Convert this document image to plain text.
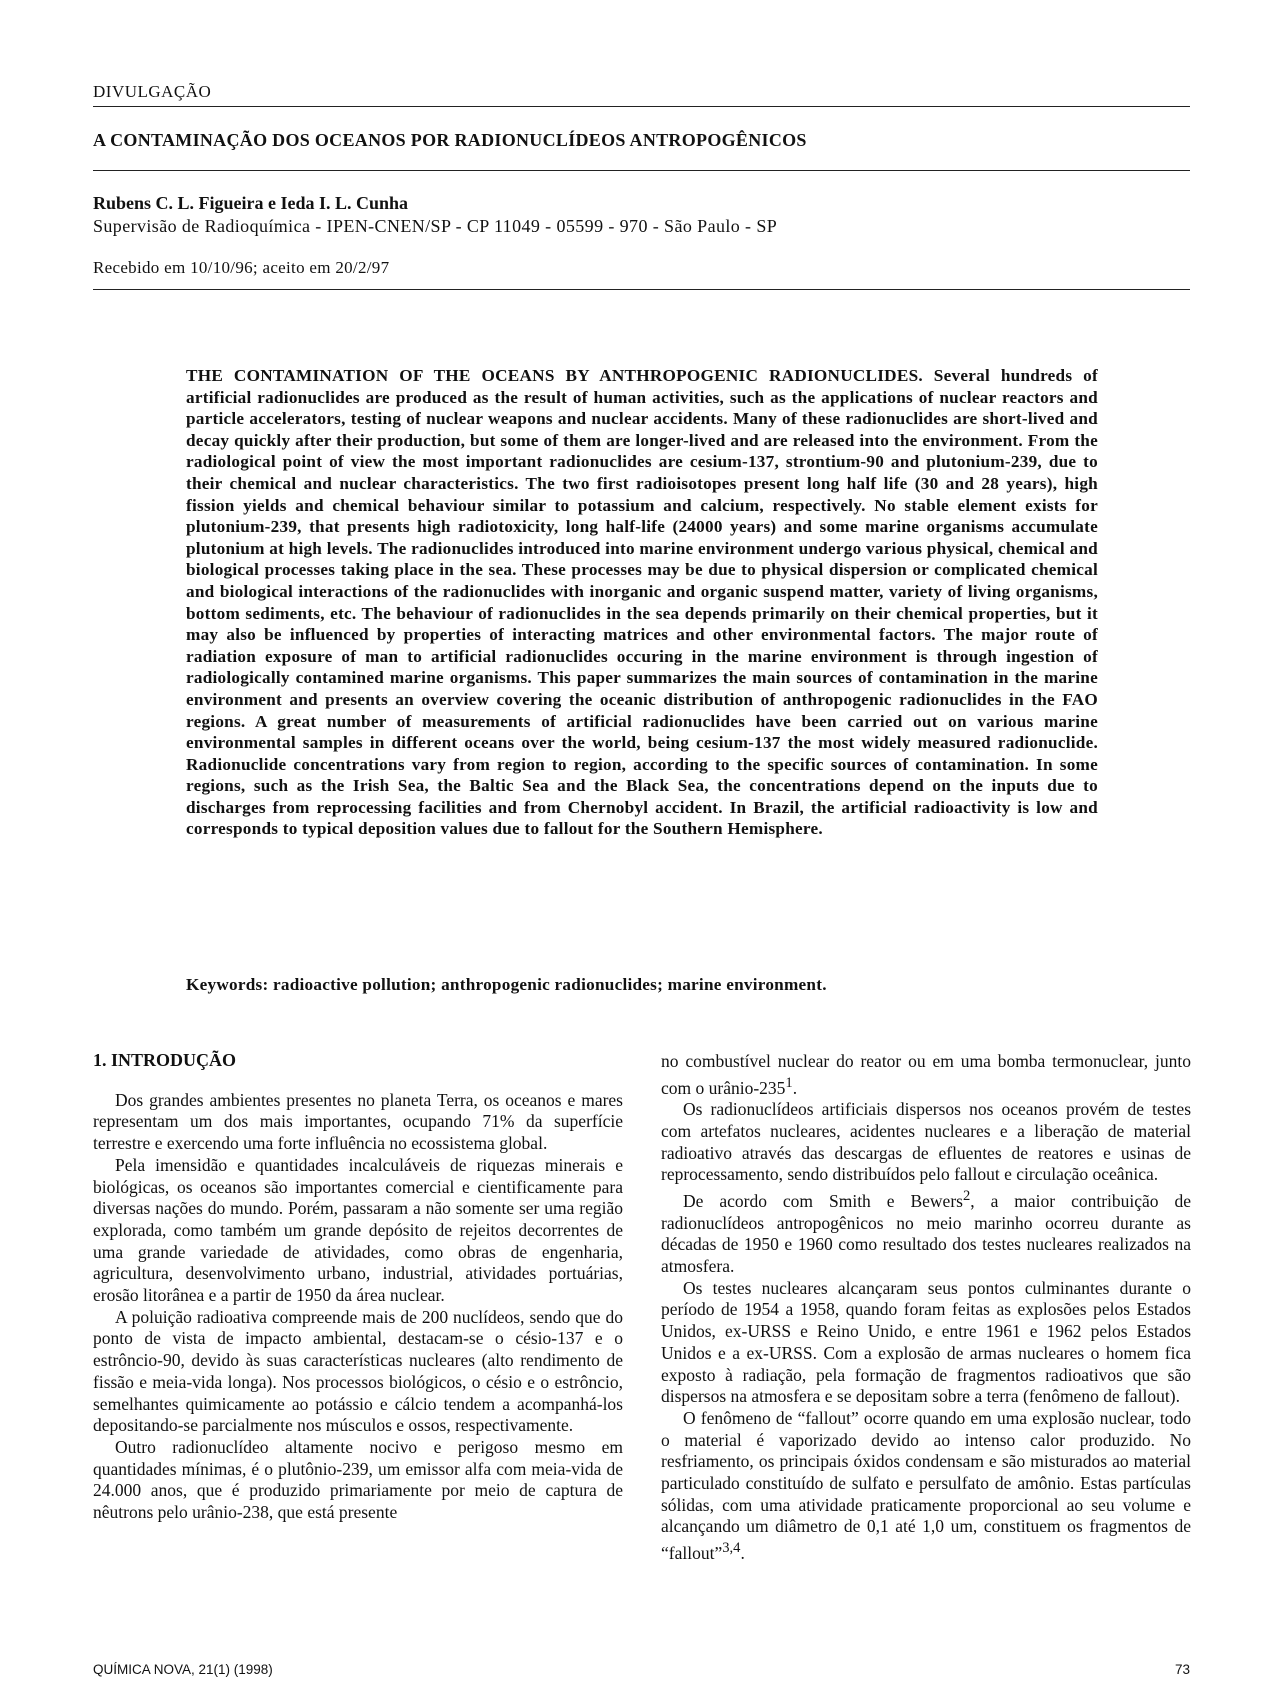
DIVULGAÇÃO
A CONTAMINAÇÃO DOS OCEANOS POR RADIONUCLÍDEOS ANTROPOGÊNICOS
Rubens C. L. Figueira e Ieda I. L. Cunha
Supervisão de Radioquímica - IPEN-CNEN/SP - CP 11049 - 05599 - 970 - São Paulo - SP
Recebido em 10/10/96; aceito em 20/2/97

THE CONTAMINATION OF THE OCEANS BY ANTHROPOGENIC RADIONUCLIDES. Several hundreds of artificial radionuclides are produced as the result of human activities, such as the applications of nuclear reactors and particle accelerators, testing of nuclear weapons and nuclear accidents. Many of these radionuclides are short-lived and decay quickly after their production, but some of them are longer-lived and are released into the environment. From the radiological point of view the most important radionuclides are cesium-137, strontium-90 and plutonium-239, due to their chemical and nuclear characteristics. The two first radioisotopes present long half life (30 and 28 years), high fission yields and chemical behaviour similar to potassium and calcium, respectively. No stable element exists for plutonium-239, that presents high radiotoxicity, long half-life (24000 years) and some marine organisms accumulate plutonium at high levels. The radionuclides introduced into marine environment undergo various physical, chemical and biological processes taking place in the sea. These processes may be due to physical dispersion or complicated chemical and biological interactions of the radionuclides with inorganic and organic suspend matter, variety of living organisms, bottom sediments, etc. The behaviour of radionuclides in the sea depends primarily on their chemical properties, but it may also be influenced by properties of interacting matrices and other environmental factors. The major route of radiation exposure of man to artificial radionuclides occuring in the marine environment is through ingestion of radiologically contamined marine organisms. This paper summarizes the main sources of contamination in the marine environment and presents an overview covering the oceanic distribution of anthropogenic radionuclides in the FAO regions. A great number of measurements of artificial radionuclides have been carried out on various marine environmental samples in different oceans over the world, being cesium-137 the most widely measured radionuclide. Radionuclide concentrations vary from region to region, according to the specific sources of contamination. In some regions, such as the Irish Sea, the Baltic Sea and the Black Sea, the concentrations depend on the inputs due to discharges from reprocessing facilities and from Chernobyl accident. In Brazil, the artificial radioactivity is low and corresponds to typical deposition values due to fallout for the Southern Hemisphere.

Keywords: radioactive pollution; anthropogenic radionuclides; marine environment.

1. INTRODUÇÃO

Dos grandes ambientes presentes no planeta Terra, os oceanos e mares representam um dos mais importantes, ocupando 71% da superfície terrestre e exercendo uma forte influência no ecossistema global.

Pela imensidão e quantidades incalculáveis de riquezas minerais e biológicas, os oceanos são importantes comercial e cientificamente para diversas nações do mundo. Porém, passaram a não somente ser uma região explorada, como também um grande depósito de rejeitos decorrentes de uma grande variedade de atividades, como obras de engenharia, agricultura, desenvolvimento urbano, industrial, atividades portuárias, erosão litorânea e a partir de 1950 da área nuclear.

A poluição radioativa compreende mais de 200 nuclídeos, sendo que do ponto de vista de impacto ambiental, destacam-se o césio-137 e o estrôncio-90, devido às suas características nucleares (alto rendimento de fissão e meia-vida longa). Nos processos biológicos, o césio e o estrôncio, semelhantes quimicamente ao potássio e cálcio tendem a acompanhá-los depositando-se parcialmente nos músculos e ossos, respectivamente.

Outro radionuclídeo altamente nocivo e perigoso mesmo em quantidades mínimas, é o plutônio-239, um emissor alfa com meia-vida de 24.000 anos, que é produzido primariamente por meio de captura de nêutrons pelo urânio-238, que está presente

no combustível nuclear do reator ou em uma bomba termonuclear, junto com o urânio-$235^1$.

Os radionuclídeos artificiais dispersos nos oceanos provém de testes com artefatos nucleares, acidentes nucleares e a liberação de material radioativo através das descargas de efluentes de reatores e usinas de reprocessamento, sendo distribuídos pelo fallout e circulação oceânica.

De acordo com Smith e Bewers$^2$, a maior contribuição de radionuclídeos antropogênicos no meio marinho ocorreu durante as décadas de 1950 e 1960 como resultado dos testes nucleares realizados na atmosfera.

Os testes nucleares alcançaram seus pontos culminantes durante o período de 1954 a 1958, quando foram feitas as explosões pelos Estados Unidos, ex-URSS e Reino Unido, e entre 1961 e 1962 pelos Estados Unidos e a ex-URSS. Com a explosão de armas nucleares o homem fica exposto à radiação, pela formação de fragmentos radioativos que são dispersos na atmosfera e se depositam sobre a terra (fenômeno de fallout).

O fenômeno de “fallout” ocorre quando em uma explosão nuclear, todo o material é vaporizado devido ao intenso calor produzido. No resfriamento, os principais óxidos condensam e são misturados ao material particulado constituído de sulfato e persulfato de amônio. Estas partículas sólidas, com uma atividade praticamente proporcional ao seu volume e alcançando um diâmetro de 0,1 até 1,0 um, constituem os fragmentos de “fallout”$^{3,4}$.

QUÍMICA NOVA, 21(1) (1998)	73
